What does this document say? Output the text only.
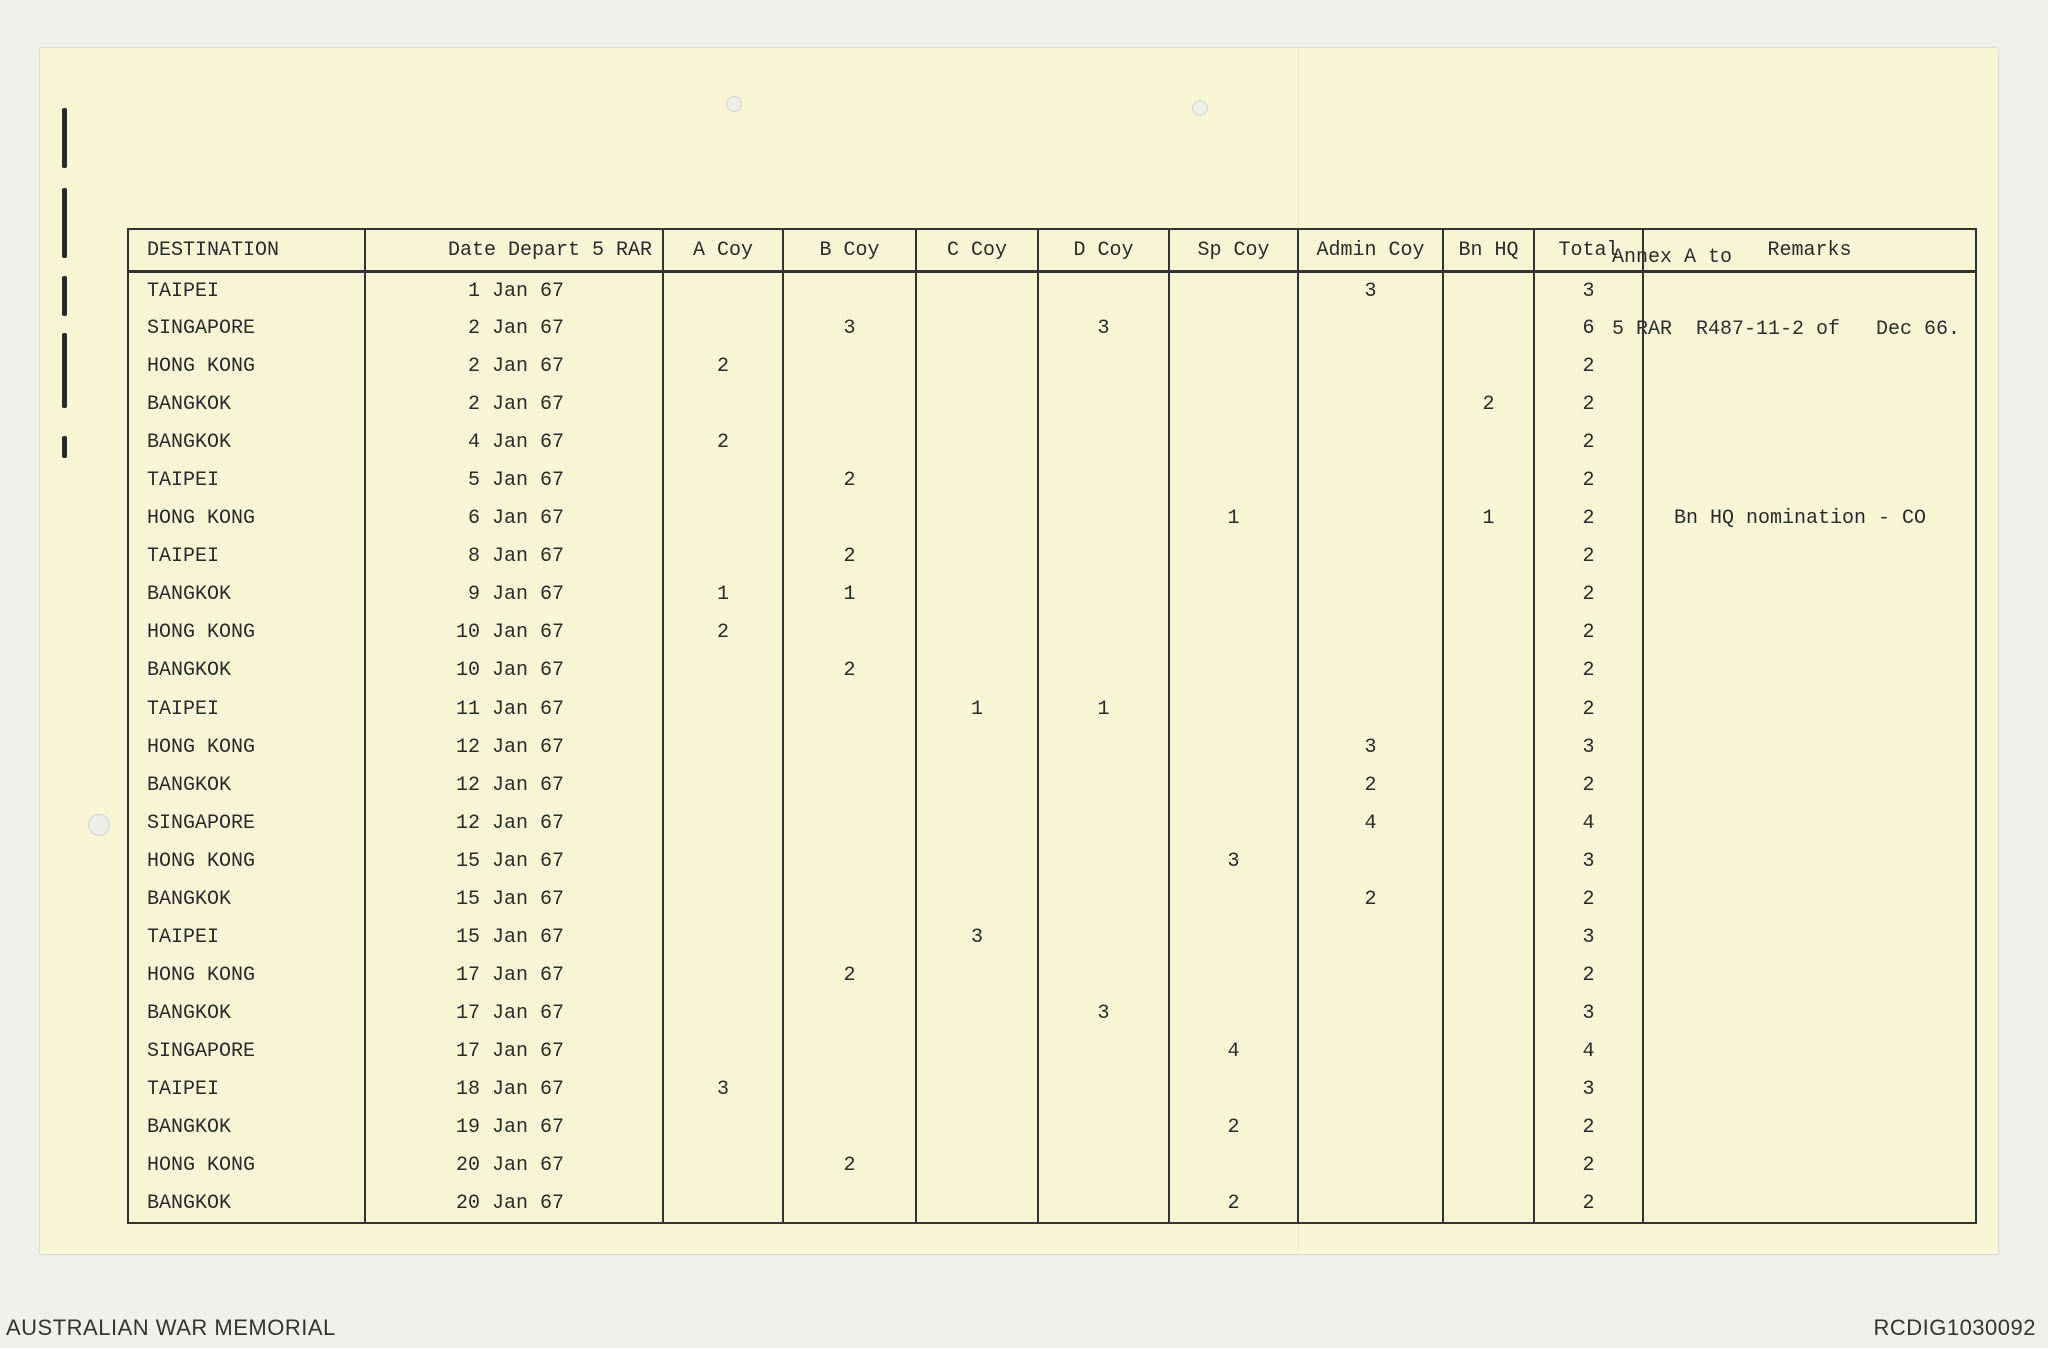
Annex A to

5 RAR  R487-11-2 of   Dec 66.

DESTINATION	Date Depart 5 RAR	A Coy	B Coy	C Coy	D Coy	Sp Coy	Admin Coy	Bn HQ	Total	Remarks
TAIPEI	1 Jan 67						3		3	
SINGAPORE	2 Jan 67		3		3				6	
HONG KONG	2 Jan 67	2							2	
BANGKOK	2 Jan 67							2	2	
BANGKOK	4 Jan 67	2							2	
TAIPEI	5 Jan 67		2						2	
HONG KONG	6 Jan 67					1		1	2	Bn HQ nomination - CO
TAIPEI	8 Jan 67		2						2	
BANGKOK	9 Jan 67	1	1						2	
HONG KONG	10 Jan 67	2							2	
BANGKOK	10 Jan 67		2						2	
TAIPEI	11 Jan 67			1	1				2	
HONG KONG	12 Jan 67						3		3	
BANGKOK	12 Jan 67						2		2	
SINGAPORE	12 Jan 67						4		4	
HONG KONG	15 Jan 67					3			3	
BANGKOK	15 Jan 67						2		2	
TAIPEI	15 Jan 67			3					3	
HONG KONG	17 Jan 67		2						2	
BANGKOK	17 Jan 67				3				3	
SINGAPORE	17 Jan 67					4			4	
TAIPEI	18 Jan 67	3							3	
BANGKOK	19 Jan 67					2			2	
HONG KONG	20 Jan 67		2						2	
BANGKOK	20 Jan 67					2			2	
AUSTRALIAN WAR MEMORIAL	RCDIG1030092
